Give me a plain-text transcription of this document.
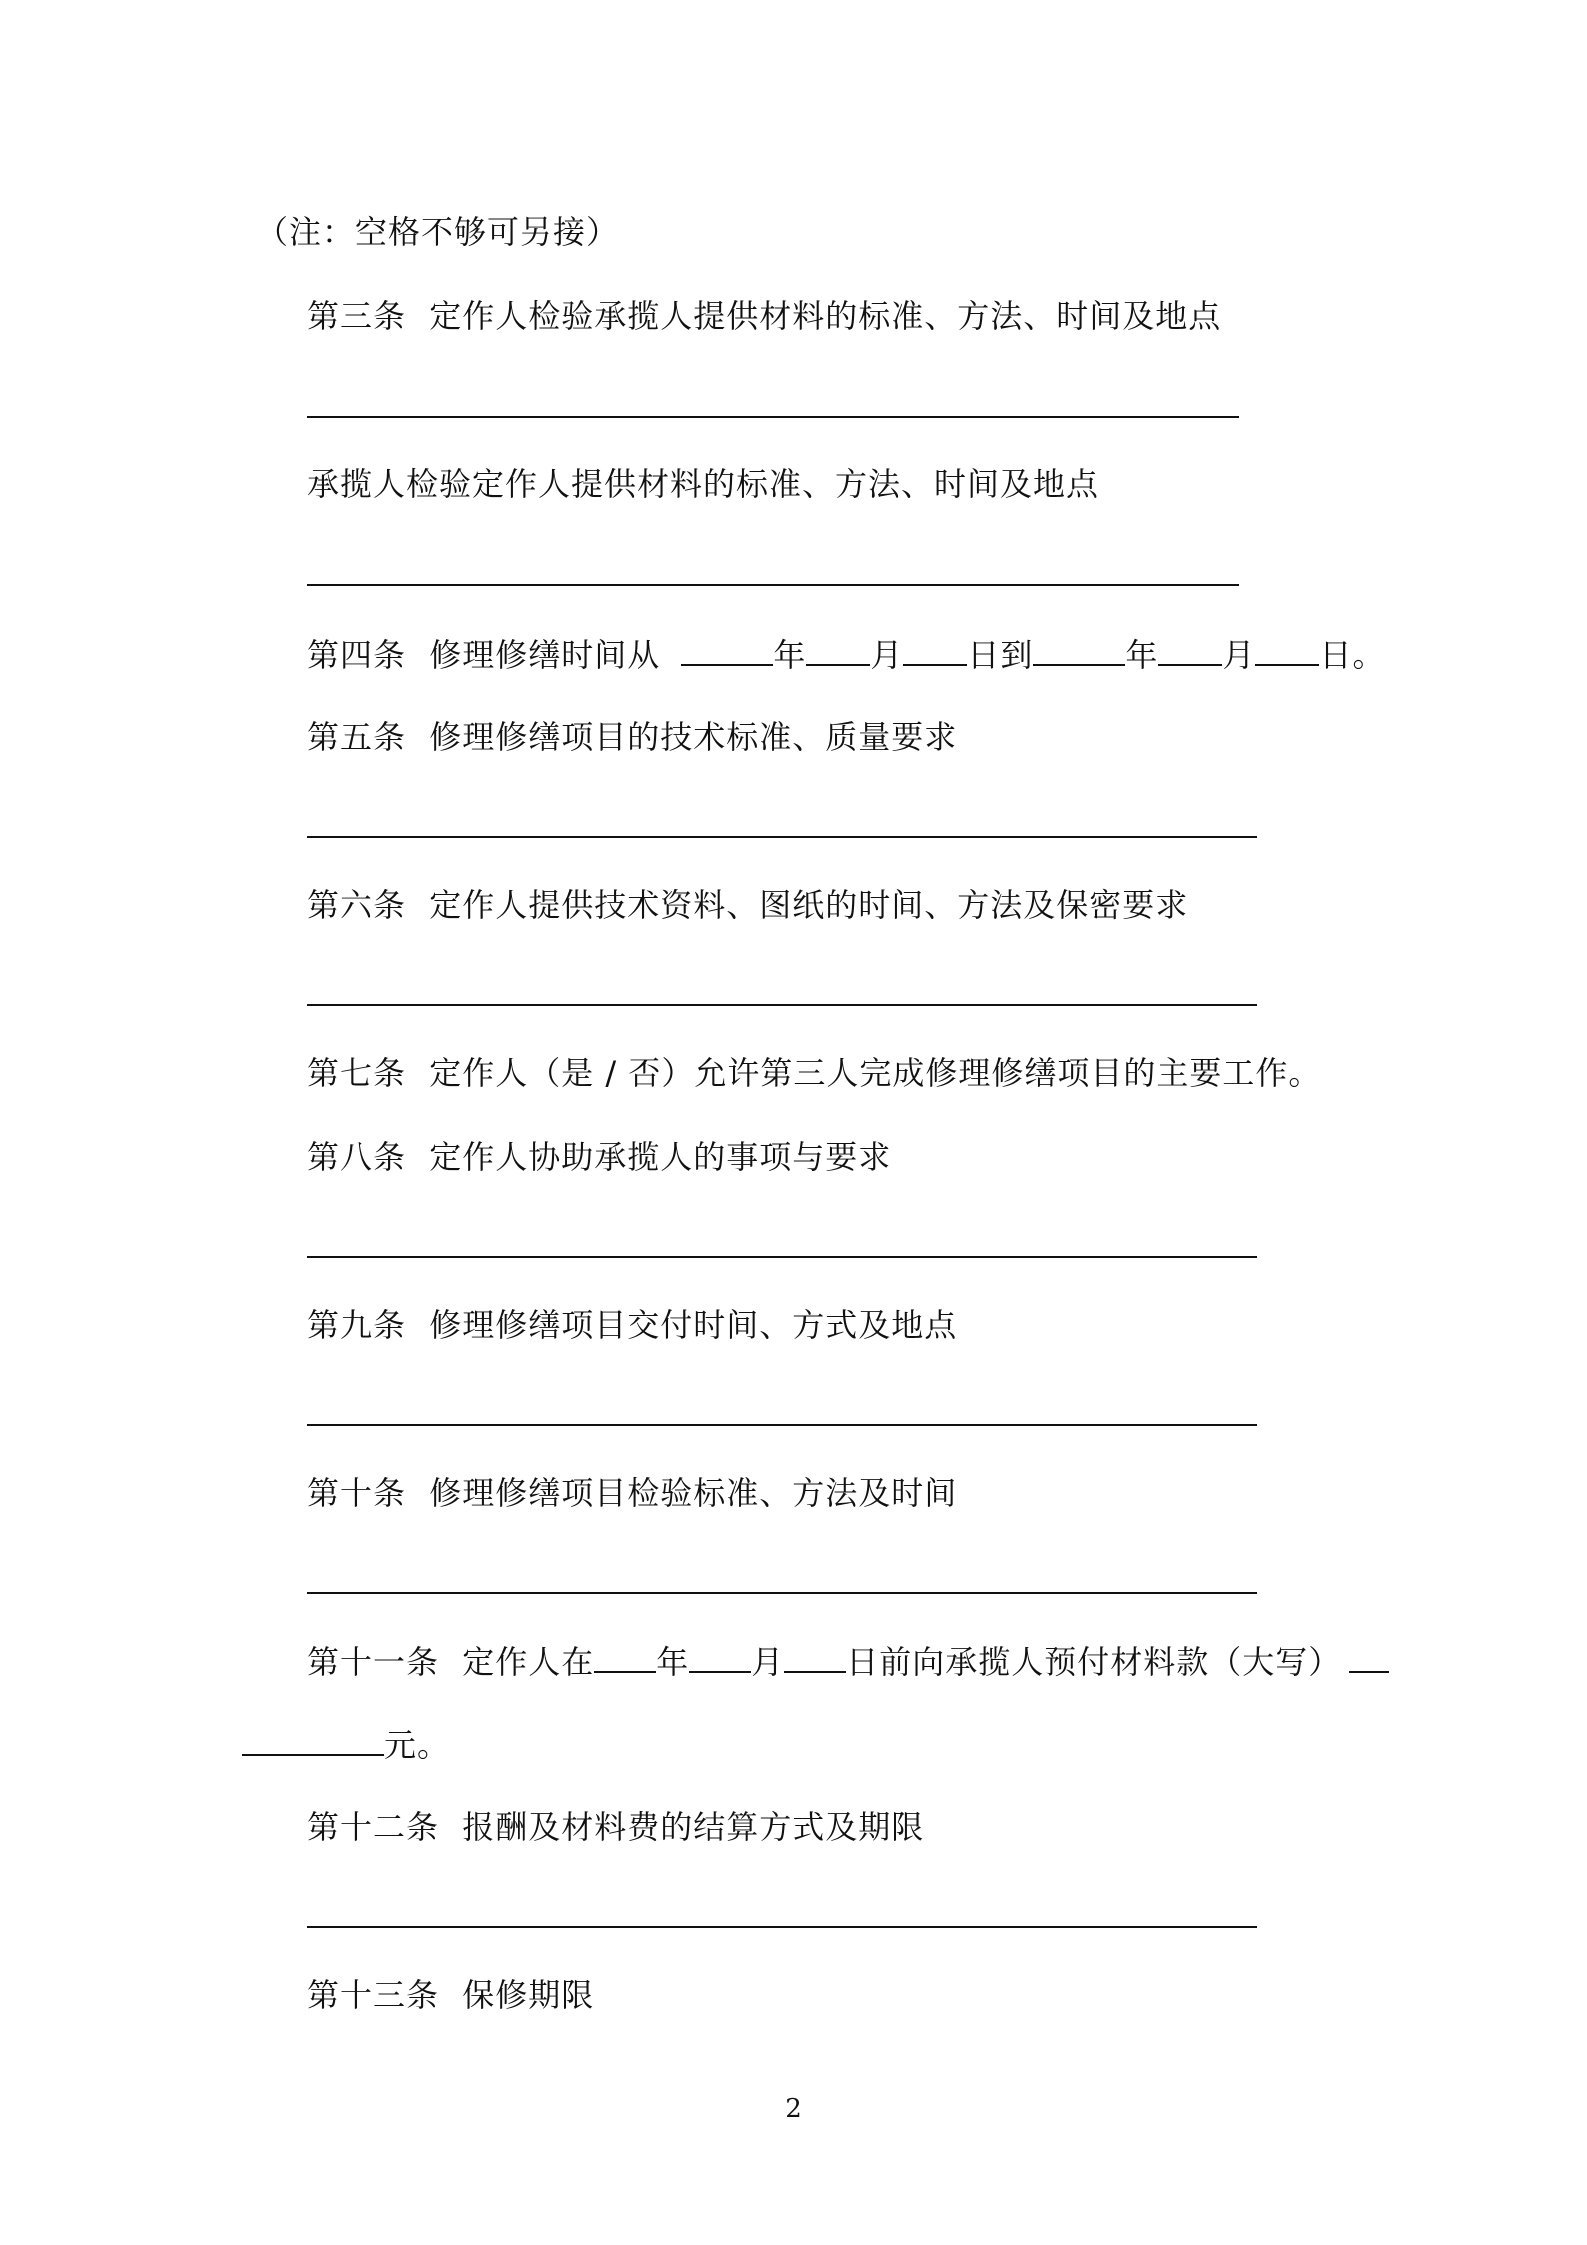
（注：空格不够可另接）
第三条 定作人检验承揽人提供材料的标准、方法、时间及地点
承揽人检验定作人提供材料的标准、方法、时间及地点
第四条 修理修缮时间从	年 月 日到	年 月 日。
第五条 修理修缮项目的技术标准、质量要求
第六条 定作人提供技术资料、图纸的时间、方法及保密要求
第七条 定作人（是 / 否）允许第三人完成修理修缮项目的主要工作。
第八条 定作人协助承揽人的事项与要求
第九条 修理修缮项目交付时间、方式及地点
第十条 修理修缮项目检验标准、方法及时间
第十一条 定作人在 年 月 日前向承揽人预付材料款（大写）
元。
第十二条 报酬及材料费的结算方式及期限
第十三条 保修期限
2
